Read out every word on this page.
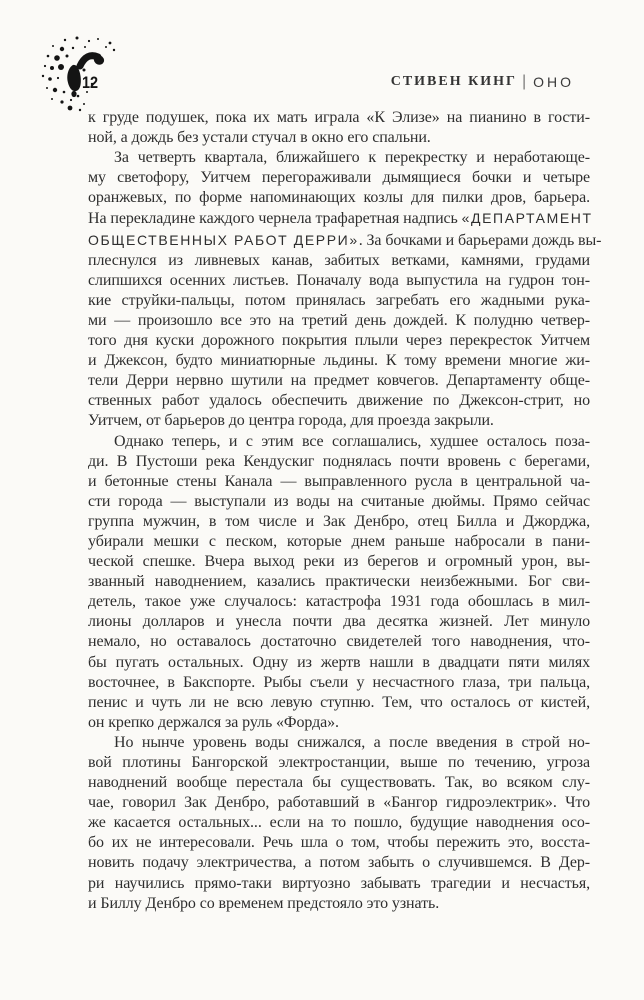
12	СТИВЕН КИНГ | ОНО
к груде подушек, пока их мать играла «К Элизе» на пианино в гости-
ной, а дождь без устали стучал в окно его спальни.
За четверть квартала, ближайшего к перекрестку и неработающе-
му светофору, Уитчем перегораживали дымящиеся бочки и четыре
оранжевых, по форме напоминающих козлы для пилки дров, барьера.
На перекладине каждого чернела трафаретная надпись «ДЕПАРТАМЕНТ
ОБЩЕСТВЕННЫХ РАБОТ ДЕРРИ». За бочками и барьерами дождь вы-
плеснулся из ливневых канав, забитых ветками, камнями, грудами
слипшихся осенних листьев. Поначалу вода выпустила на гудрон тон-
кие струйки-пальцы, потом принялась загребать его жадными рука-
ми — произошло все это на третий день дождей. К полудню четвер-
того дня куски дорожного покрытия плыли через перекресток Уитчем
и Джексон, будто миниатюрные льдины. К тому времени многие жи-
тели Дерри нервно шутили на предмет ковчегов. Департаменту обще-
ственных работ удалось обеспечить движение по Джексон-стрит, но
Уитчем, от барьеров до центра города, для проезда закрыли.
Однако теперь, и с этим все соглашались, худшее осталось поза-
ди. В Пустоши река Кендускиг поднялась почти вровень с берегами,
и бетонные стены Канала — выправленного русла в центральной ча-
сти города — выступали из воды на считаные дюймы. Прямо сейчас
группа мужчин, в том числе и Зак Денбро, отец Билла и Джорджа,
убирали мешки с песком, которые днем раньше набросали в пани-
ческой спешке. Вчера выход реки из берегов и огромный урон, вы-
званный наводнением, казались практически неизбежными. Бог сви-
детель, такое уже случалось: катастрофа 1931 года обошлась в мил-
лионы долларов и унесла почти два десятка жизней. Лет минуло
немало, но оставалось достаточно свидетелей того наводнения, что-
бы пугать остальных. Одну из жертв нашли в двадцати пяти милях
восточнее, в Бакспорте. Рыбы съели у несчастного глаза, три пальца,
пенис и чуть ли не всю левую ступню. Тем, что осталось от кистей,
он крепко держался за руль «Форда».
Но нынче уровень воды снижался, а после введения в строй но-
вой плотины Бангорской электростанции, выше по течению, угроза
наводнений вообще перестала бы существовать. Так, во всяком слу-
чае, говорил Зак Денбро, работавший в «Бангор гидроэлектрик». Что
же касается остальных... если на то пошло, будущие наводнения осо-
бо их не интересовали. Речь шла о том, чтобы пережить это, восста-
новить подачу электричества, а потом забыть о случившемся. В Дер-
ри научились прямо-таки виртуозно забывать трагедии и несчастья,
и Биллу Денбро со временем предстояло это узнать.
